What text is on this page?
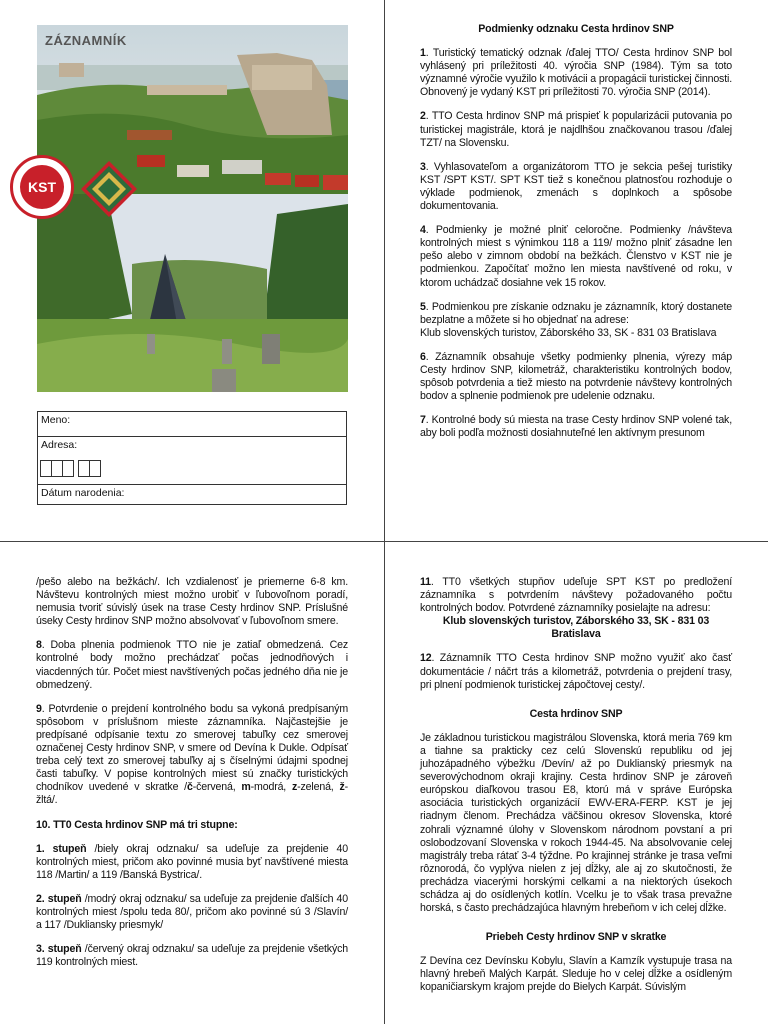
ZÁZNAMNÍK
KST
Meno:
Adresa:
Dátum narodenia:
Podmienky odznaku Cesta hrdinov SNP

1. Turistický tematický odznak /ďalej TTO/ Cesta hrdinov SNP bol vyhlásený pri príležitosti 40. výročia SNP (1984). Tým sa toto významné výročie využilo k motivácii a propagácii turistickej činnosti. Obnovený je vydaný KST pri príležitosti 70. výročia SNP (2014).

2. TTO Cesta hrdinov SNP má prispieť k popularizácii putovania po turistickej magistrále, ktorá je najdlhšou značkovanou trasou /ďalej TZT/ na Slovensku.

3. Vyhlasovateľom a organizátorom TTO je sekcia pešej turistiky KST /SPT KST/. SPT KST tiež s konečnou platnosťou rozhoduje o výklade podmienok, zmenách s doplnkoch a spôsobe dokumentovania.

4. Podmienky je možné plniť celoročne. Podmienky /návšteva kontrolných miest s výnimkou 118 a 119/ možno plniť zásadne len pešo alebo v zimnom období na bežkách. Členstvo v KST nie je podmienkou. Započítať možno len miesta navštívené od roku, v ktorom uchádzač dosiahne vek 15 rokov.

5. Podmienkou pre získanie odznaku je záznamník, ktorý dostanete bezplatne a môžete si ho objednať na adrese:
Klub slovenských turistov, Záborského 33, SK - 831 03 Bratislava

6. Záznamník obsahuje všetky podmienky plnenia, výrezy máp Cesty hrdinov SNP, kilometráž, charakteristiku kontrolných bodov, spôsob potvrdenia a tiež miesto na potvrdenie návštevy kontrolných bodov a splnenie podmienok pre udelenie odznaku.

7. Kontrolné body sú miesta na trase Cesty hrdinov SNP volené tak, aby boli podľa možnosti dosiahnuteľné len aktívnym presunom

/pešo alebo na bežkách/. Ich vzdialenosť je priemerne 6-8 km. Návštevu kontrolných miest možno urobiť v ľubovoľnom poradí, nemusia tvoriť súvislý úsek na trase Cesty hrdinov SNP. Príslušné úseky Cesty hrdinov SNP možno absolvovať v ľubovoľnom smere.

8. Doba plnenia podmienok TTO nie je zatiaľ obmedzená. Cez kontrolné body možno prechádzať počas jednodňových i viacdenných túr. Počet miest navštívených počas jedného dňa nie je obmedzený.

9. Potvrdenie o prejdení kontrolného bodu sa vykoná predpísaným spôsobom v príslušnom mieste záznamníka. Najčastejšie je predpísané odpísanie textu zo smerovej tabuľky cez smerovej označenej Cesty hrdinov SNP, v smere od Devína k Dukle. Odpísať treba celý text zo smerovej tabuľky aj s číselnými údajmi spodnej časti tabuľky. V popise kontrolných miest sú značky turistických chodníkov uvedené v skratke /č-červená, m-modrá, z-zelená, ž-žltá/.

10. TT0 Cesta hrdinov SNP má tri stupne:

1. stupeň /biely okraj odznaku/ sa udeľuje za prejdenie 40 kontrolných miest, pričom ako povinné musia byť navštívené miesta 118 /Martin/ a 119 /Banská Bystrica/.

2. stupeň /modrý okraj odznaku/ sa udeľuje za prejdenie ďalších 40 kontrolných miest /spolu teda 80/, pričom ako povinné sú 3 /Slavín/ a 117 /Dukliansky priesmyk/

3. stupeň /červený okraj odznaku/ sa udeľuje za prejdenie všetkých 119 kontrolných miest.

11. TT0 všetkých stupňov udeľuje SPT KST po predložení záznamníka s potvrdením návštevy požadovaného počtu kontrolných bodov. Potvrdené záznamníky posielajte na adresu:

Klub slovenských turistov, Záborského 33, SK - 831 03 Bratislava

12. Záznamník TTO Cesta hrdinov SNP možno využiť ako časť dokumentácie / náčrt trás a kilometráž, potvrdenia o prejdení trasy, pri plnení podmienok turistickej zápočtovej cesty/.

Cesta hrdinov SNP

Je základnou turistickou magistrálou Slovenska, ktorá meria 769 km a tiahne sa prakticky cez celú Slovenskú republiku od jej juhozápadného výbežku /Devín/ až po Duklianský priesmyk na severovýchodnom okraji krajiny. Cesta hrdinov SNP je zároveň európskou diaľkovou trasou E8, ktorú má v správe Európska asociácia turistických organizácií EWV-ERA-FERP. KST je jej riadnym členom. Prechádza väčšinou okresov Slovenska, ktoré zohrali významné úlohy v Slovenskom národnom povstaní a pri oslobodzovaní Slovenska v rokoch 1944-45. Na absolvovanie celej magistrály treba rátať 3-4 týždne. Po krajinnej stránke je trasa veľmi rôznorodá, čo vyplýva nielen z jej dĺžky, ale aj zo skutočnosti, že prechádza viacerými horskými celkami a na niektorých úsekoch schádza aj do osídlených kotlín. Vcelku je to však trasa prevažne horská, s často prechádzajúca hlavným hrebeňom v ich celej dĺžke.

Priebeh Cesty hrdinov SNP v skratke

Z Devína cez Devínsku Kobylu, Slavín a Kamzík vystupuje trasa na hlavný hrebeň Malých Karpát. Sleduje ho v celej dĺžke a osídleným kopaničiarskym krajom prejde do Bielych Karpát. Súvislým
